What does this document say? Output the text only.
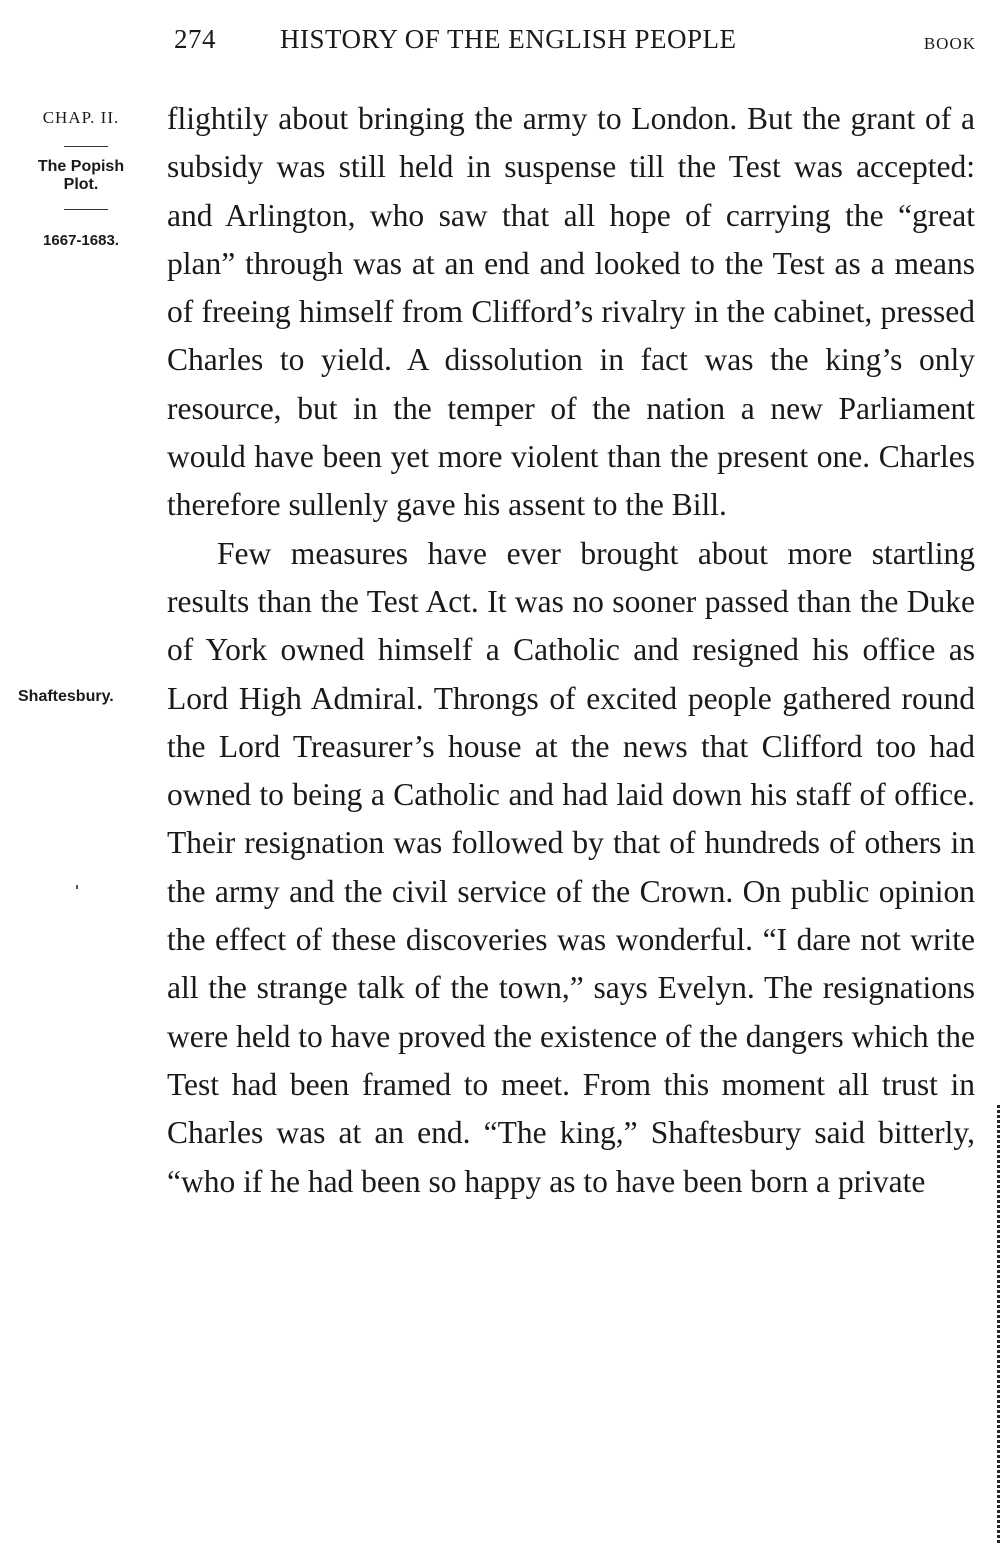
274 HISTORY OF THE ENGLISH PEOPLE	BOOK
CHAP. II.
The Popish Plot.
1667-1683.
Shaftesbury.

flightily about bringing the army to London. But the grant of a subsidy was still held in suspense till the Test was accepted: and Arlington, who saw that all hope of carrying the “great plan” through was at an end and looked to the Test as a means of freeing himself from Clifford’s rivalry in the cabinet, pressed Charles to yield. A dissolution in fact was the king’s only resource, but in the temper of the nation a new Parliament would have been yet more violent than the present one. Charles therefore sullenly gave his assent to the Bill.

Few measures have ever brought about more startling results than the Test Act. It was no sooner passed than the Duke of York owned himself a Catholic and resigned his office as Lord High Admiral. Throngs of excited people gathered round the Lord Treasurer’s house at the news that Clifford too had owned to being a Catholic and had laid down his staff of office. Their resignation was followed by that of hundreds of others in the army and the civil service of the Crown. On public opinion the effect of these discoveries was wonderful. “I dare not write all the strange talk of the town,” says Evelyn. The resignations were held to have proved the existence of the dangers which the Test had been framed to meet. From this moment all trust in Charles was at an end. “The king,” Shaftesbury said bitterly, “who if he had been so happy as to have been born a private
